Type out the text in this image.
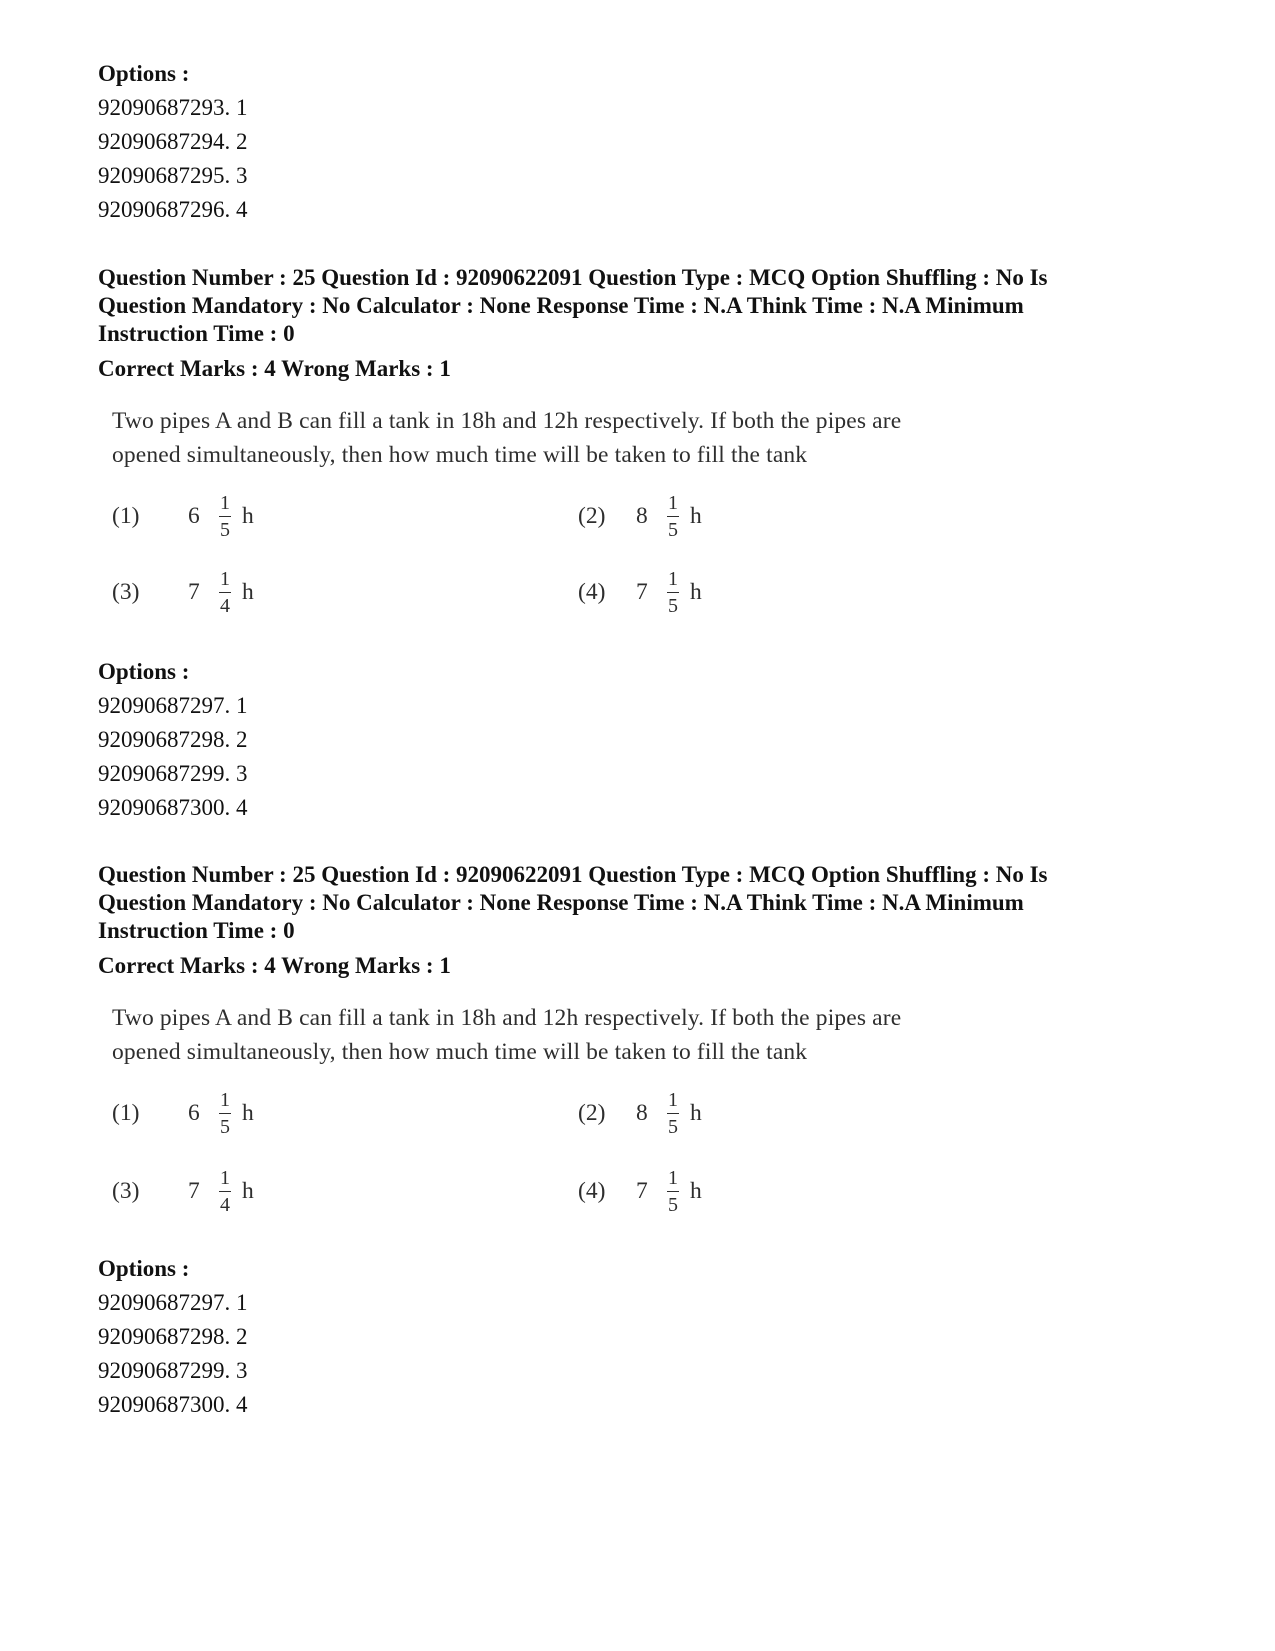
Options :
92090687293. 1
92090687294. 2
92090687295. 3
92090687296. 4
Question Number : 25 Question Id : 92090622091 Question Type : MCQ Option Shuffling : No Is
Question Mandatory : No Calculator : None Response Time : N.A Think Time : N.A Minimum
Instruction Time : 0
Correct Marks : 4 Wrong Marks : 1
Two pipes A and B can fill a tank in 18h and 12h respectively. If both the pipes are
opened simultaneously, then how much time will be taken to fill the tank
(1)	$6 \frac{1}{5}$ h	(2)	$8 \frac{1}{5}$ h
(3)	$7 \frac{1}{4}$ h	(4)	$7 \frac{1}{5}$ h
Options :
92090687297. 1
92090687298. 2
92090687299. 3
92090687300. 4
Question Number : 25 Question Id : 92090622091 Question Type : MCQ Option Shuffling : No Is
Question Mandatory : No Calculator : None Response Time : N.A Think Time : N.A Minimum
Instruction Time : 0
Correct Marks : 4 Wrong Marks : 1
Two pipes A and B can fill a tank in 18h and 12h respectively. If both the pipes are
opened simultaneously, then how much time will be taken to fill the tank
(1)	$6 \frac{1}{5}$ h	(2)	$8 \frac{1}{5}$ h
(3)	$7 \frac{1}{4}$ h	(4)	$7 \frac{1}{5}$ h
Options :
92090687297. 1
92090687298. 2
92090687299. 3
92090687300. 4
